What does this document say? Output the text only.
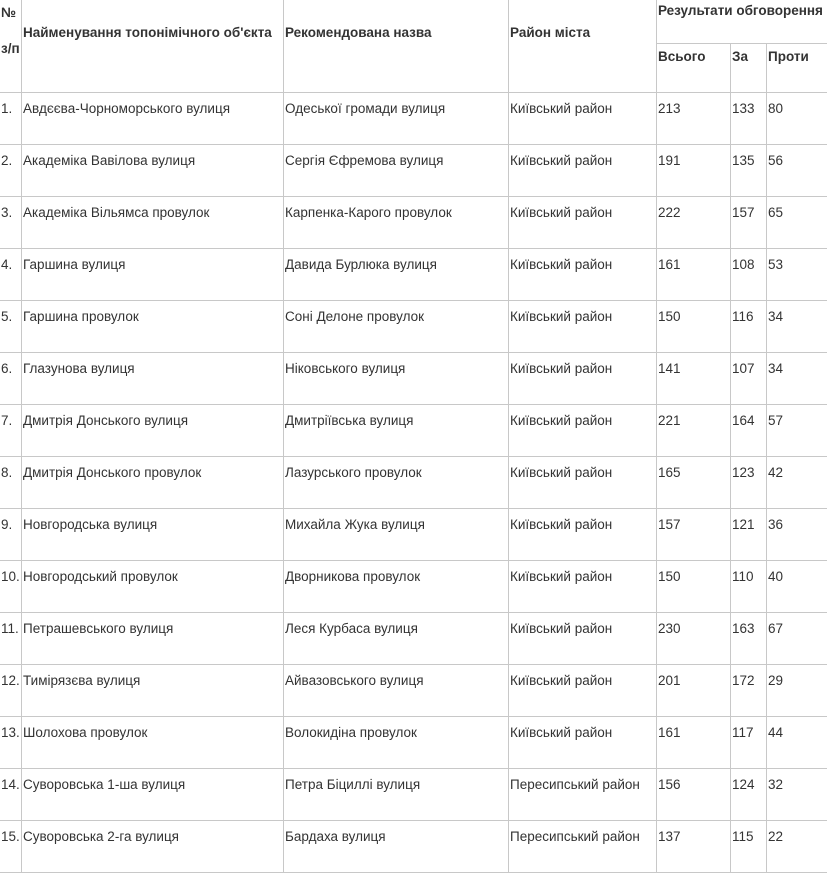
№
з/п	Найменування топонімічного об'єкта	Рекомендована назва	Район міста	Результати обговорення		
				Всього	За	Проти
1.	Авдєєва-Чорноморського вулиця	Одеської громади вулиця	Київський район	213	133	80
2.	Академіка Вавілова вулиця	Сергія Єфремова вулиця	Київський район	191	135	56
3.	Академіка Вільямса провулок	Карпенка-Карого провулок	Київський район	222	157	65
4.	Гаршина вулиця	Давида Бурлюка вулиця	Київський район	161	108	53
5.	Гаршина провулок	Соні Делоне провулок	Київський район	150	116	34
6.	Глазунова вулиця	Ніковського вулиця	Київський район	141	107	34
7.	Дмитрія Донського вулиця	Дмитріївська вулиця	Київський район	221	164	57
8.	Дмитрія Донського провулок	Лазурського провулок	Київський район	165	123	42
9.	Новгородська вулиця	Михайла Жука вулиця	Київський район	157	121	36
10.	Новгородський провулок	Дворникова провулок	Київський район	150	110	40
11.	Петрашевського вулиця	Леся Курбаса вулиця	Київський район	230	163	67
12.	Тимірязєва вулиця	Айвазовського вулиця	Київський район	201	172	29
13.	Шолохова провулок	Волокидіна провулок	Київський район	161	117	44
14.	Суворовська 1-ша вулиця	Петра Біциллі вулиця	Пересипський район	156	124	32
15.	Суворовська 2-га вулиця	Бардаха вулиця	Пересипський район	137	115	22
